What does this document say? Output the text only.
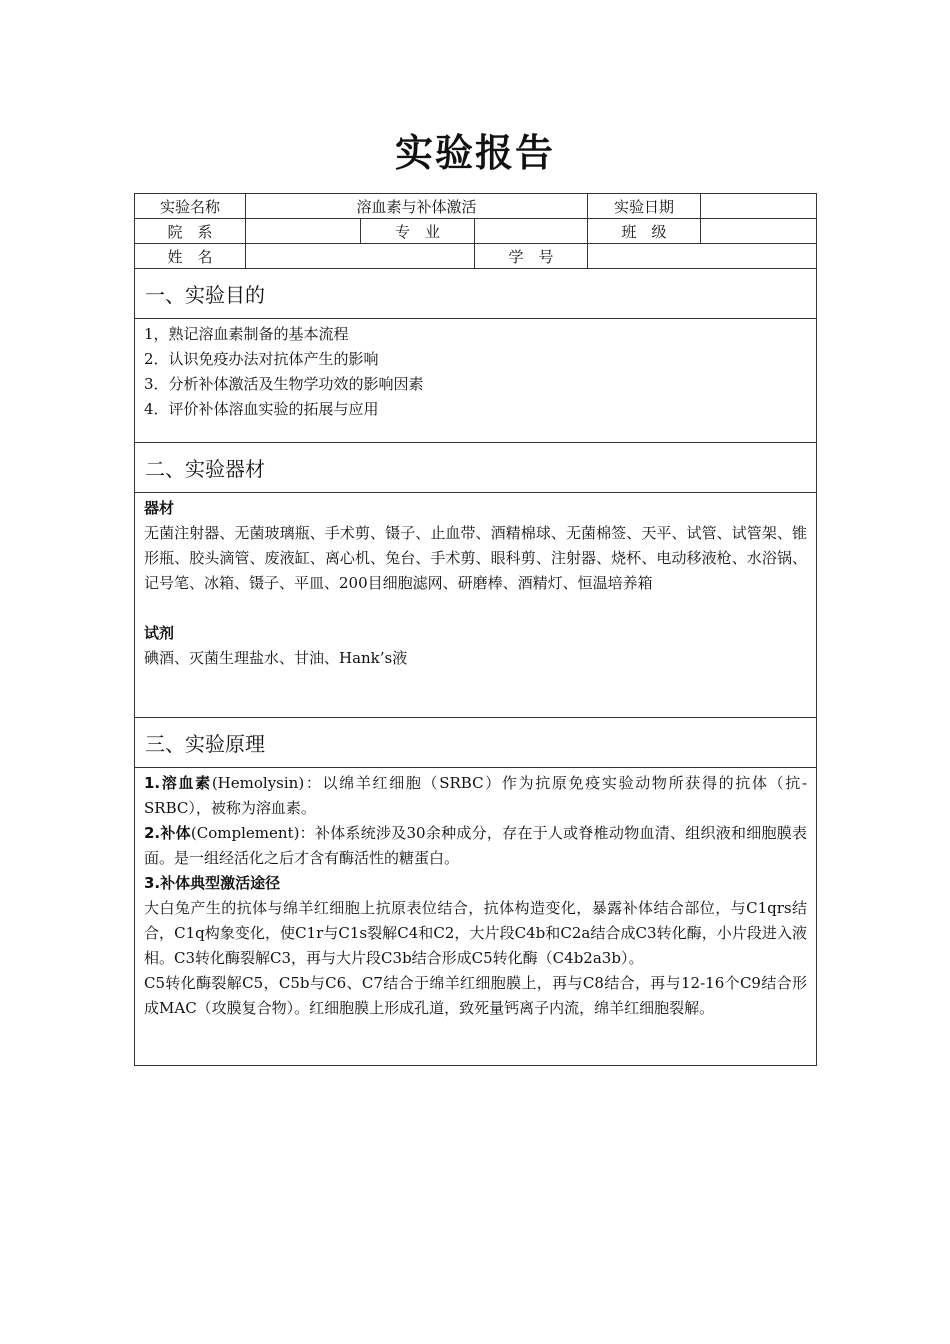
实验报告
实验名称	溶血素与补体激活			实验日期	
院　系		专　业		班　级	
姓　名			学　号		
一、实验目的					

1，熟记溶血素制备的基本流程
2．认识免疫办法对抗体产生的影响
3．分析补体激活及生物学功效的影响因素
4．评价补体溶血实验的拓展与应用					

二、实验器材					

器材
无菌注射器、无菌玻璃瓶、手术剪、镊子、止血带、酒精棉球、无菌棉签、天平、试管、试管架、锥形瓶、胶头滴管、废液缸、离心机、兔台、手术剪、眼科剪、注射器、烧杯、电动移液枪、水浴锅、记号笔、冰箱、镊子、平皿、200目细胞滤网、研磨棒、酒精灯、恒温培养箱
试剂
碘酒、灭菌生理盐水、甘油、Hank’s液					

三、实验原理					

1.溶血素(Hemolysin)：以绵羊红细胞（SRBC）作为抗原免疫实验动物所获得的抗体（抗-SRBC），被称为溶血素。
2.补体(Complement)：补体系统涉及30余种成分，存在于人或脊椎动物血清、组织液和细胞膜表面。是一组经活化之后才含有酶活性的糖蛋白。
3.补体典型激活途径
大白兔产生的抗体与绵羊红细胞上抗原表位结合，抗体构造变化，暴露补体结合部位，与C1qrs结合，C1q构象变化，使C1r与C1s裂解C4和C2，大片段C4b和C2a结合成C3转化酶，小片段进入液相。C3转化酶裂解C3，再与大片段C3b结合形成C5转化酶（C4b2a3b）。
C5转化酶裂解C5，C5b与C6、C7结合于绵羊红细胞膜上，再与C8结合，再与12-16个C9结合形成MAC（攻膜复合物）。红细胞膜上形成孔道，致死量钙离子内流，绵羊红细胞裂解。					
